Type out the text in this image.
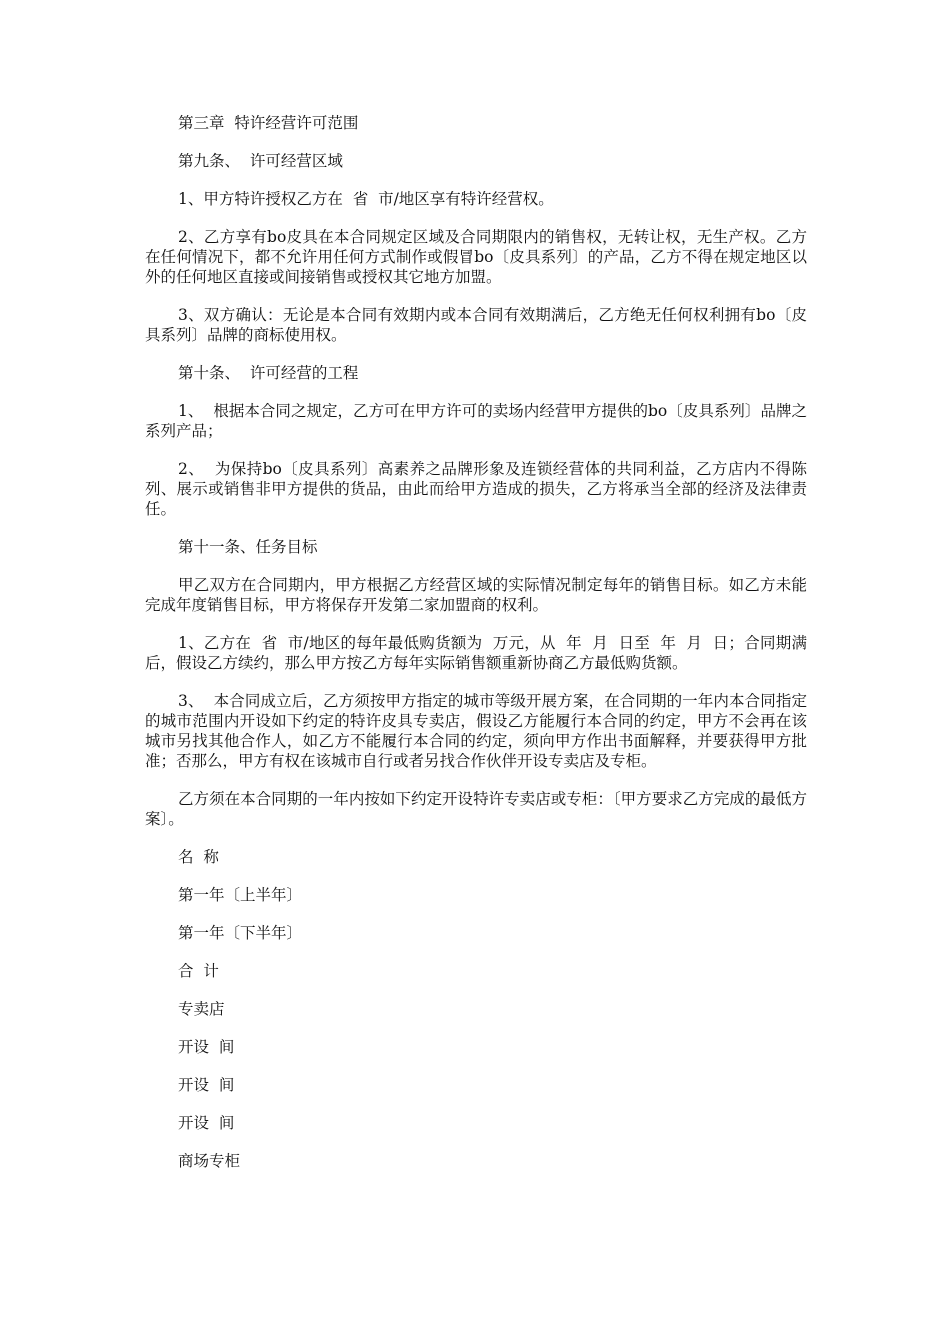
第三章  特许经营许可范围

第九条、  许可经营区域

1、甲方特许授权乙方在  省  市/地区享有特许经营权。

2、乙方享有bo皮具在本合同规定区域及合同期限内的销售权，无转让权，无生产权。乙方在任何情况下，都不允许用任何方式制作或假冒bo〔皮具系列〕的产品，乙方不得在规定地区以外的任何地区直接或间接销售或授权其它地方加盟。

3、双方确认：无论是本合同有效期内或本合同有效期满后，乙方绝无任何权利拥有bo〔皮具系列〕品牌的商标使用权。

第十条、  许可经营的工程

1、  根据本合同之规定，乙方可在甲方许可的卖场内经营甲方提供的bo〔皮具系列〕品牌之系列产品；

2、  为保持bo〔皮具系列〕高素养之品牌形象及连锁经营体的共同利益，乙方店内不得陈列、展示或销售非甲方提供的货品，由此而给甲方造成的损失，乙方将承当全部的经济及法律责任。

第十一条、任务目标

甲乙双方在合同期内，甲方根据乙方经营区域的实际情况制定每年的销售目标。如乙方未能完成年度销售目标，甲方将保存开发第二家加盟商的权利。

1、乙方在  省  市/地区的每年最低购货额为  万元，从  年  月  日至  年  月  日；合同期满后，假设乙方续约，那么甲方按乙方每年实际销售额重新协商乙方最低购货额。

3、  本合同成立后，乙方须按甲方指定的城市等级开展方案，在合同期的一年内本合同指定的城市范围内开设如下约定的特许皮具专卖店，假设乙方能履行本合同的约定，甲方不会再在该城市另找其他合作人，如乙方不能履行本合同的约定，须向甲方作出书面解释，并要获得甲方批准；否那么，甲方有权在该城市自行或者另找合作伙伴开设专卖店及专柜。

乙方须在本合同期的一年内按如下约定开设特许专卖店或专柜：〔甲方要求乙方完成的最低方案〕。

名  称

第一年〔上半年〕

第一年〔下半年〕

合  计

专卖店

开设  间

开设  间

开设  间

商场专柜
